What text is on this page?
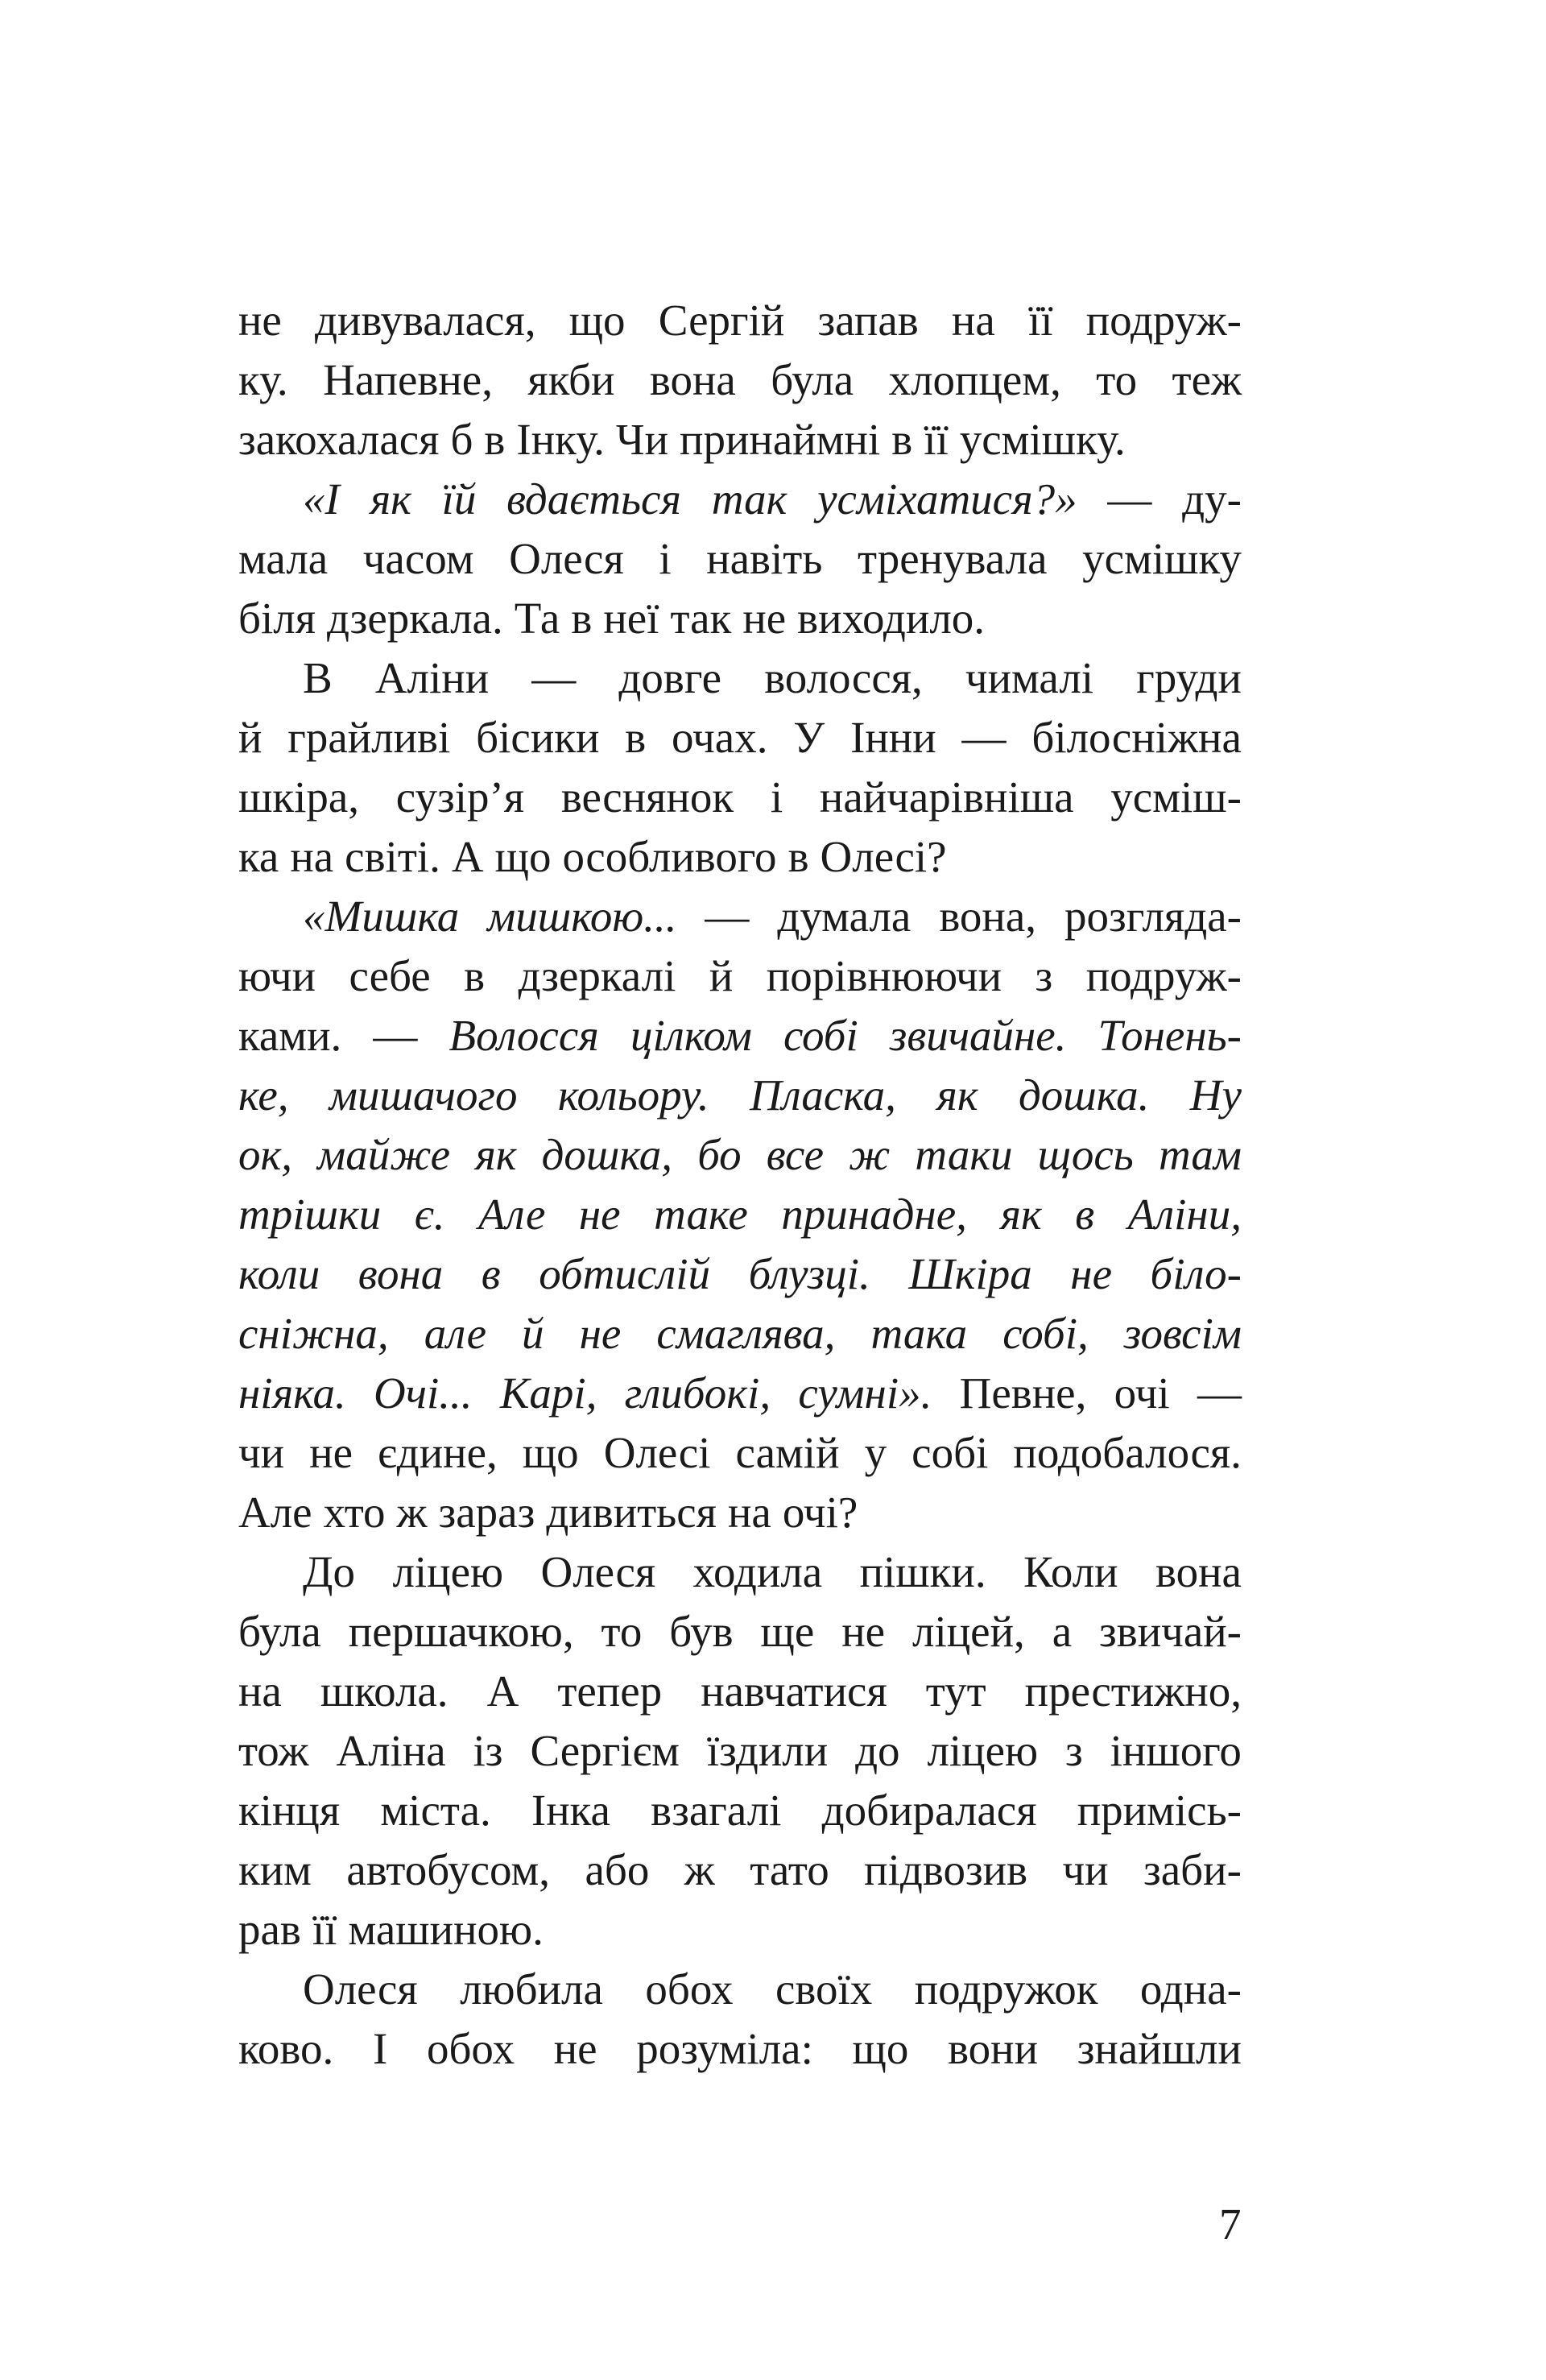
не дивувалася, що Сергій запав на її подруж-
ку. Напевне, якби вона була хлопцем, то теж
закохалася б в Інку. Чи принаймні в її усмішку.
«І як їй вдається так усміхатися?» — ду-
мала часом Олеся і навіть тренувала усмішку
біля дзеркала. Та в неї так не виходило.
В Аліни — довге волосся, чималі груди
й грайливі бісики в очах. У Інни — білосніжна
шкіра, сузір’я веснянок і найчарівніша усміш-
ка на світі. А що особливого в Олесі?
«Мишка мишкою... — думала вона, розгляда-
ючи себе в дзеркалі й порівнюючи з подруж-
ками. — Волосся цілком собі звичайне. Тонень-
ке, мишачого кольору. Пласка, як дошка. Ну
ок, майже як дошка, бо все ж таки щось там
трішки є. Але не таке принадне, як в Аліни,
коли вона в обтислій блузці. Шкіра не біло-
сніжна, але й не смаглява, така собі, зовсім
ніяка. Очі... Карі, глибокі, сумні». Певне, очі —
чи не єдине, що Олесі самій у собі подобалося.
Але хто ж зараз дивиться на очі?
До ліцею Олеся ходила пішки. Коли вона
була першачкою, то був ще не ліцей, а звичай-
на школа. А тепер навчатися тут престижно,
тож Аліна із Сергієм їздили до ліцею з іншого
кінця міста. Інка взагалі добиралася примісь-
ким автобусом, або ж тато підвозив чи заби-
рав її машиною.
Олеся любила обох своїх подружок одна-
ково. І обох не розуміла: що вони знайшли
7
